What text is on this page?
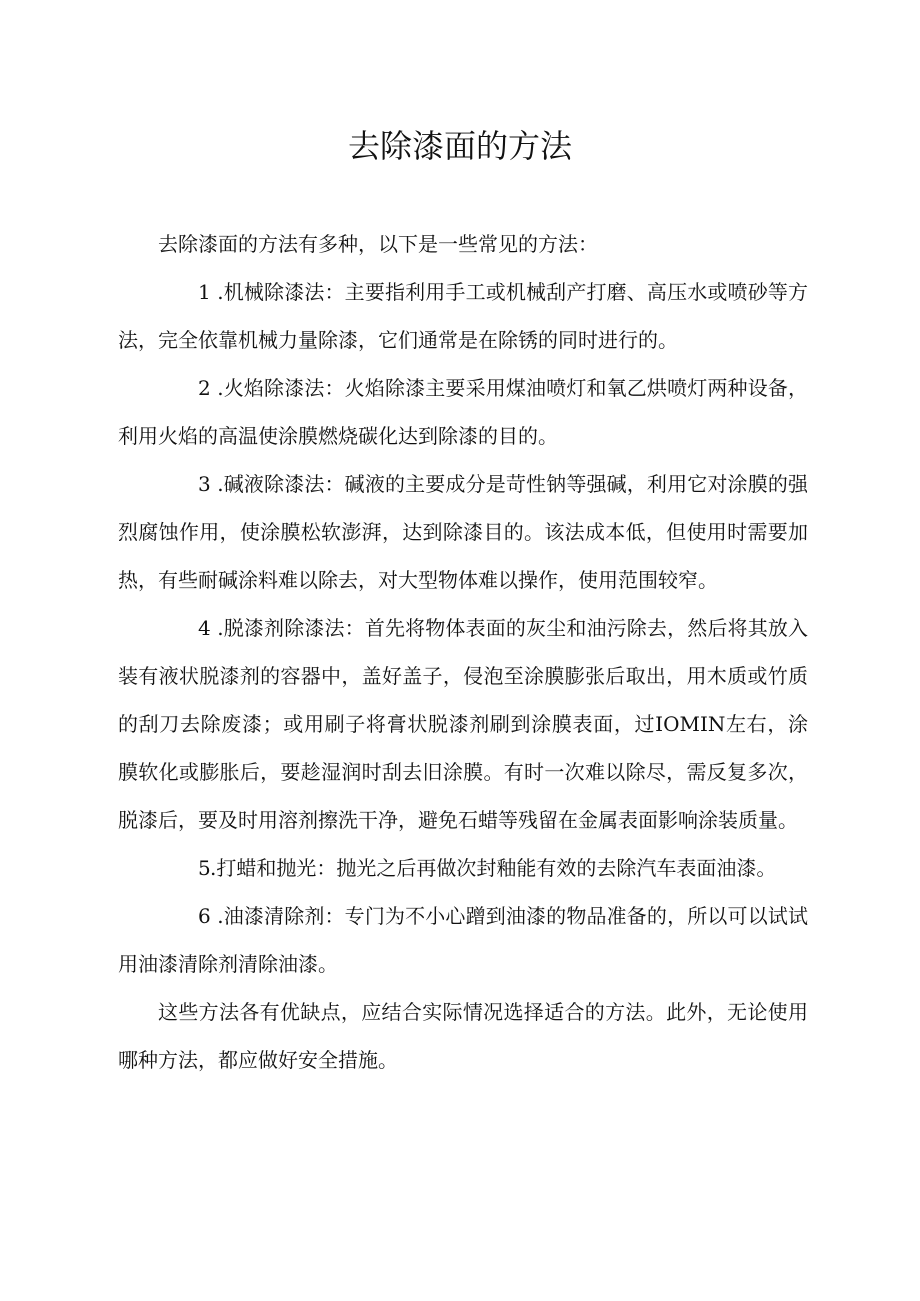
去除漆面的方法

去除漆面的方法有多种，以下是一些常见的方法：

1 .机械除漆法：主要指利用手工或机械刮产打磨、高压水或喷砂等方法，完全依靠机械力量除漆，它们通常是在除锈的同时进行的。

2 .火焰除漆法：火焰除漆主要采用煤油喷灯和氧乙烘喷灯两种设备，利用火焰的高温使涂膜燃烧碳化达到除漆的目的。

3 .碱液除漆法：碱液的主要成分是苛性钠等强碱，利用它对涂膜的强烈腐蚀作用，使涂膜松软澎湃，达到除漆目的。该法成本低，但使用时需要加热，有些耐碱涂料难以除去，对大型物体难以操作，使用范围较窄。

4 .脱漆剂除漆法：首先将物体表面的灰尘和油污除去，然后将其放入装有液状脱漆剂的容器中，盖好盖子，侵泡至涂膜膨张后取出，用木质或竹质的刮刀去除废漆；或用刷子将膏状脱漆剂刷到涂膜表面，过IOMIN左右，涂膜软化或膨胀后，要趁湿润时刮去旧涂膜。有时一次难以除尽，需反复多次，脱漆后，要及时用溶剂擦洗干净，避免石蜡等残留在金属表面影响涂装质量。

5.打蜡和抛光：抛光之后再做次封釉能有效的去除汽车表面油漆。

6 .油漆清除剂：专门为不小心蹭到油漆的物品准备的，所以可以试试用油漆清除剂清除油漆。

这些方法各有优缺点，应结合实际情况选择适合的方法。此外，无论使用哪种方法，都应做好安全措施。
